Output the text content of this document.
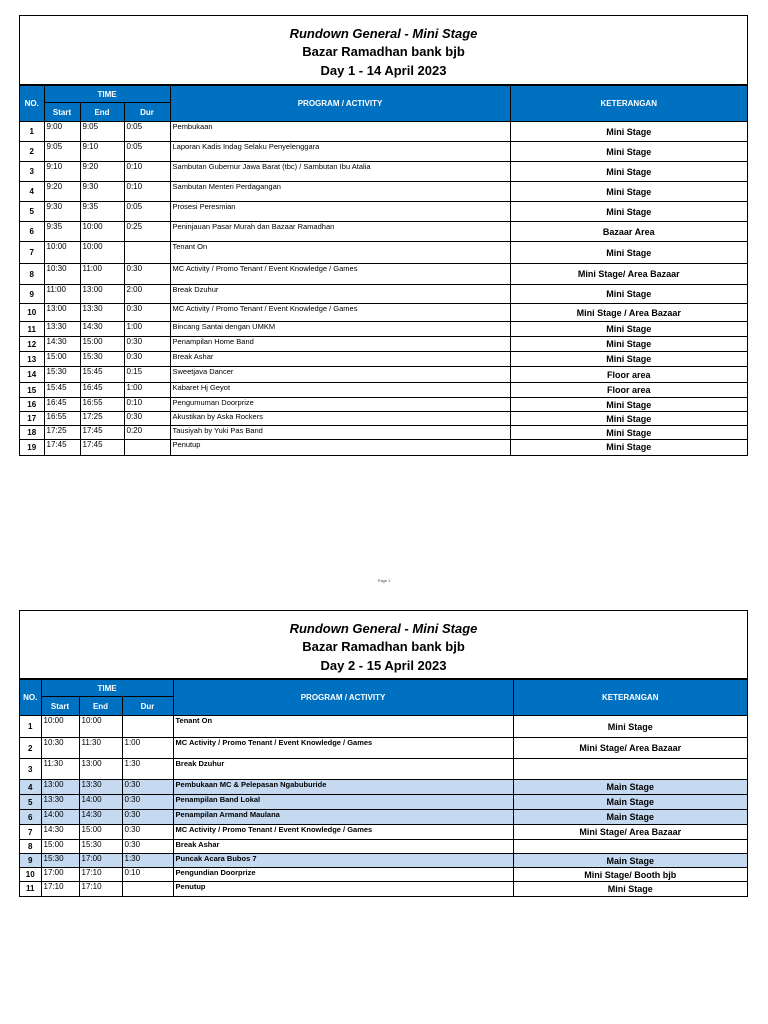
Rundown General - Mini Stage
Bazar Ramadhan bank bjb
Day 1 - 14 April 2023
NO.	TIME			PROGRAM / ACTIVITY	KETERANGAN
	Start	End	Dur		
1	9:00	9:05	0:05	Pembukaan	Mini Stage
2	9:05	9:10	0:05	Laporan Kadis Indag Selaku Penyelenggara	Mini Stage
3	9:10	9:20	0:10	Sambutan Gubernur Jawa Barat (tbc) / Sambutan Ibu Atalia	Mini Stage
4	9:20	9:30	0:10	Sambutan Menteri Perdagangan	Mini Stage
5	9:30	9:35	0:05	Prosesi Peresmian	Mini Stage
6	9:35	10:00	0:25	Peninjauan Pasar Murah dan Bazaar Ramadhan	Bazaar Area
7	10:00	10:00		Tenant On	Mini Stage
8	10:30	11:00	0:30	MC Activity / Promo Tenant / Event Knowledge / Games	Mini Stage/ Area Bazaar
9	11:00	13:00	2:00	Break Dzuhur	Mini Stage
10	13:00	13:30	0:30	MC Activity / Promo Tenant / Event Knowledge / Games	Mini Stage / Area Bazaar
11	13:30	14:30	1:00	Bincang Santai dengan UMKM	Mini Stage
12	14:30	15:00	0:30	Penampilan Home Band	Mini Stage
13	15:00	15:30	0:30	Break Ashar	Mini Stage
14	15:30	15:45	0:15	Sweetjava Dancer	Floor area
15	15:45	16:45	1:00	Kabaret Hj Geyot	Floor area
16	16:45	16:55	0:10	Pengumuman Doorprize	Mini Stage
17	16:55	17:25	0:30	Akustikan by Aska Rockers	Mini Stage
18	17:25	17:45	0:20	Tausiyah by Yuki Pas Band	Mini Stage
19	17:45	17:45		Penutup	Mini Stage
Page 1
Rundown General - Mini Stage
Bazar Ramadhan bank bjb
Day 2 - 15 April 2023
NO.	TIME			PROGRAM / ACTIVITY	KETERANGAN
	Start	End	Dur		
1	10:00	10:00		Tenant On	Mini Stage
2	10:30	11:30	1:00	MC Activity / Promo Tenant / Event Knowledge / Games	Mini Stage/ Area Bazaar
3	11:30	13:00	1:30	Break Dzuhur	
4	13:00	13:30	0:30	Pembukaan MC & Pelepasan Ngabuburide	Main Stage
5	13:30	14:00	0:30	Penampilan Band Lokal	Main Stage
6	14:00	14:30	0:30	Penampilan Armand Maulana	Main Stage
7	14:30	15:00	0:30	MC Activity / Promo Tenant / Event Knowledge / Games	Mini Stage/ Area Bazaar
8	15:00	15:30	0:30	Break Ashar	
9	15:30	17:00	1:30	Puncak Acara Bubos 7	Main Stage
10	17:00	17:10	0:10	Pengundian Doorprize	Mini Stage/ Booth bjb
11	17:10	17:10		Penutup	Mini Stage
